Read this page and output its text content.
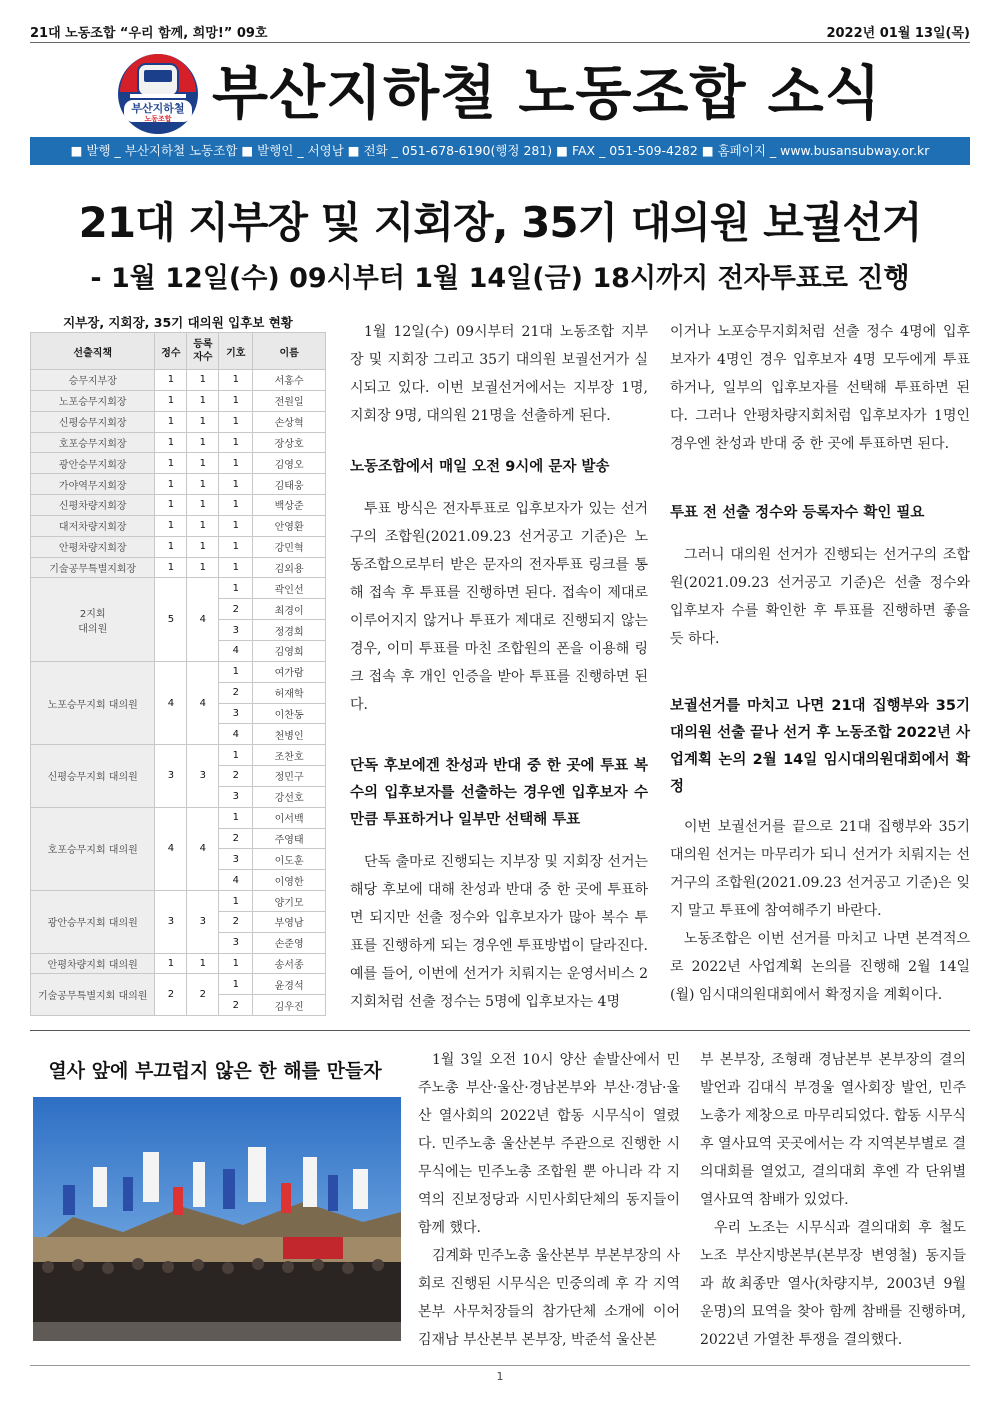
21대 노동조합 “우리 함께, 희망!” 09호	2022년 01월 13일(목)
부산지하철
노동조합 부산지하철 노동조합 소식
■ 발행 _ 부산지하철 노동조합 ■ 발행인 _ 서영남 ■ 전화 _ 051-678-6190(행정 281) ■ FAX _ 051-509-4282 ■ 홈페이지 _ www.busansubway.or.kr
21대 지부장 및 지회장, 35기 대의원 보궐선거
- 1월 12일(수) 09시부터 1월 14일(금) 18시까지 전자투표로 진행
지부장, 지회장, 35기 대의원 입후보 현황
선출직책	정수	등록자수	기호	이름
승무지부장	1	1	1	서홍수
노포승무지회장	1	1	1	전원일
신평승무지회장	1	1	1	손상혁
호포승무지회장	1	1	1	장상호
광안승무지회장	1	1	1	김영오
가야역무지회장	1	1	1	김태웅
신평차량지회장	1	1	1	백상준
대저차량지회장	1	1	1	안영환
안평차량지회장	1	1	1	강민혁
기술공무특별지회장	1	1	1	김외용
2지회
대의원	5	4	1	곽인선
			2	최경이
			3	정경희
			4	김영희
노포승무지회 대의원	4	4	1	여가람
			2	허재학
			3	이찬동
			4	천병인
신평승무지회 대의원	3	3	1	조찬호
			2	정민구
			3	강선호
호포승무지회 대의원	4	4	1	이서백
			2	주영태
			3	이도훈
			4	이영한
광안승무지회 대의원	3	3	1	양기모
			2	부영남
			3	손준영
안평차량지회 대의원	1	1	1	송서종
기술공무특별지회 대의원	2	2	1	윤경석
			2	김우진

1월 12일(수) 09시부터 21대 노동조합 지부장 및 지회장 그리고 35기 대의원 보궐선거가 실시되고 있다. 이번 보궐선거에서는 지부장 1명, 지회장 9명, 대의원 21명을 선출하게 된다.

노동조합에서 매일 오전 9시에 문자 발송

투표 방식은 전자투표로 입후보자가 있는 선거구의 조합원(2021.09.23 선거공고 기준)은 노동조합으로부터 받은 문자의 전자투표 링크를 통해 접속 후 투표를 진행하면 된다. 접속이 제대로 이루어지지 않거나 투표가 제대로 진행되지 않는 경우, 이미 투표를 마친 조합원의 폰을 이용해 링크 접속 후 개인 인증을 받아 투표를 진행하면 된다.

단독 후보에겐 찬성과 반대 중 한 곳에 투표 복수의 입후보자를 선출하는 경우엔 입후보자 수만큼 투표하거나 일부만 선택해 투표

단독 출마로 진행되는 지부장 및 지회장 선거는 해당 후보에 대해 찬성과 반대 중 한 곳에 투표하면 되지만 선출 정수와 입후보자가 많아 복수 투표를 진행하게 되는 경우엔 투표방법이 달라진다. 예를 들어, 이번에 선거가 치뤄지는 운영서비스 2지회처럼 선출 정수는 5명에 입후보자는 4명

이거나 노포승무지회처럼 선출 정수 4명에 입후보자가 4명인 경우 입후보자 4명 모두에게 투표하거나, 일부의 입후보자를 선택해 투표하면 된다. 그러나 안평차량지회처럼 입후보자가 1명인 경우엔 찬성과 반대 중 한 곳에 투표하면 된다.

투표 전 선출 정수와 등록자수 확인 필요

그러니 대의원 선거가 진행되는 선거구의 조합원(2021.09.23 선거공고 기준)은 선출 정수와 입후보자 수를 확인한 후 투표를 진행하면 좋을 듯 하다.

보궐선거를 마치고 나면 21대 집행부와 35기 대의원 선출 끝나 선거 후 노동조합 2022년 사업계획 논의 2월 14일 임시대의원대회에서 확정

이번 보궐선거를 끝으로 21대 집행부와 35기 대의원 선거는 마무리가 되니 선거가 치뤄지는 선거구의 조합원(2021.09.23 선거공고 기준)은 잊지 말고 투표에 참여해주기 바란다.

노동조합은 이번 선거를 마치고 나면 본격적으로 2022년 사업계획 논의를 진행해 2월 14일(월) 임시대의원대회에서 확정지을 계획이다.

열사 앞에 부끄럽지 않은 한 해를 만들자	1월 3일 오전 10시 양산 솥발산에서 민주노총 부산·울산·경남본부와 부산·경남·울산 열사회의 2022년 합동 시무식이 열렸다. 민주노총 울산본부 주관으로 진행한 시무식에는 민주노총 조합원 뿐 아니라 각 지역의 진보정당과 시민사회단체의 동지들이 함께 했다.

김계화 민주노총 울산본부 부본부장의 사회로 진행된 시무식은 민중의례 후 각 지역본부 사무처장들의 참가단체 소개에 이어 김재남 부산본부 본부장, 박준석 울산본

부 본부장, 조형래 경남본부 본부장의 결의발언과 김대식 부경울 열사회장 발언, 민주노총가 제창으로 마무리되었다. 합동 시무식 후 열사묘역 곳곳에서는 각 지역본부별로 결의대회를 열었고, 결의대회 후엔 각 단위별 열사묘역 참배가 있었다.

우리 노조는 시무식과 결의대회 후 철도노조 부산지방본부(본부장 변영철) 동지들과 故최종만 열사(차량지부, 2003년 9월 운명)의 묘역을 찾아 함께 참배를 진행하며, 2022년 가열찬 투쟁을 결의했다.

1
